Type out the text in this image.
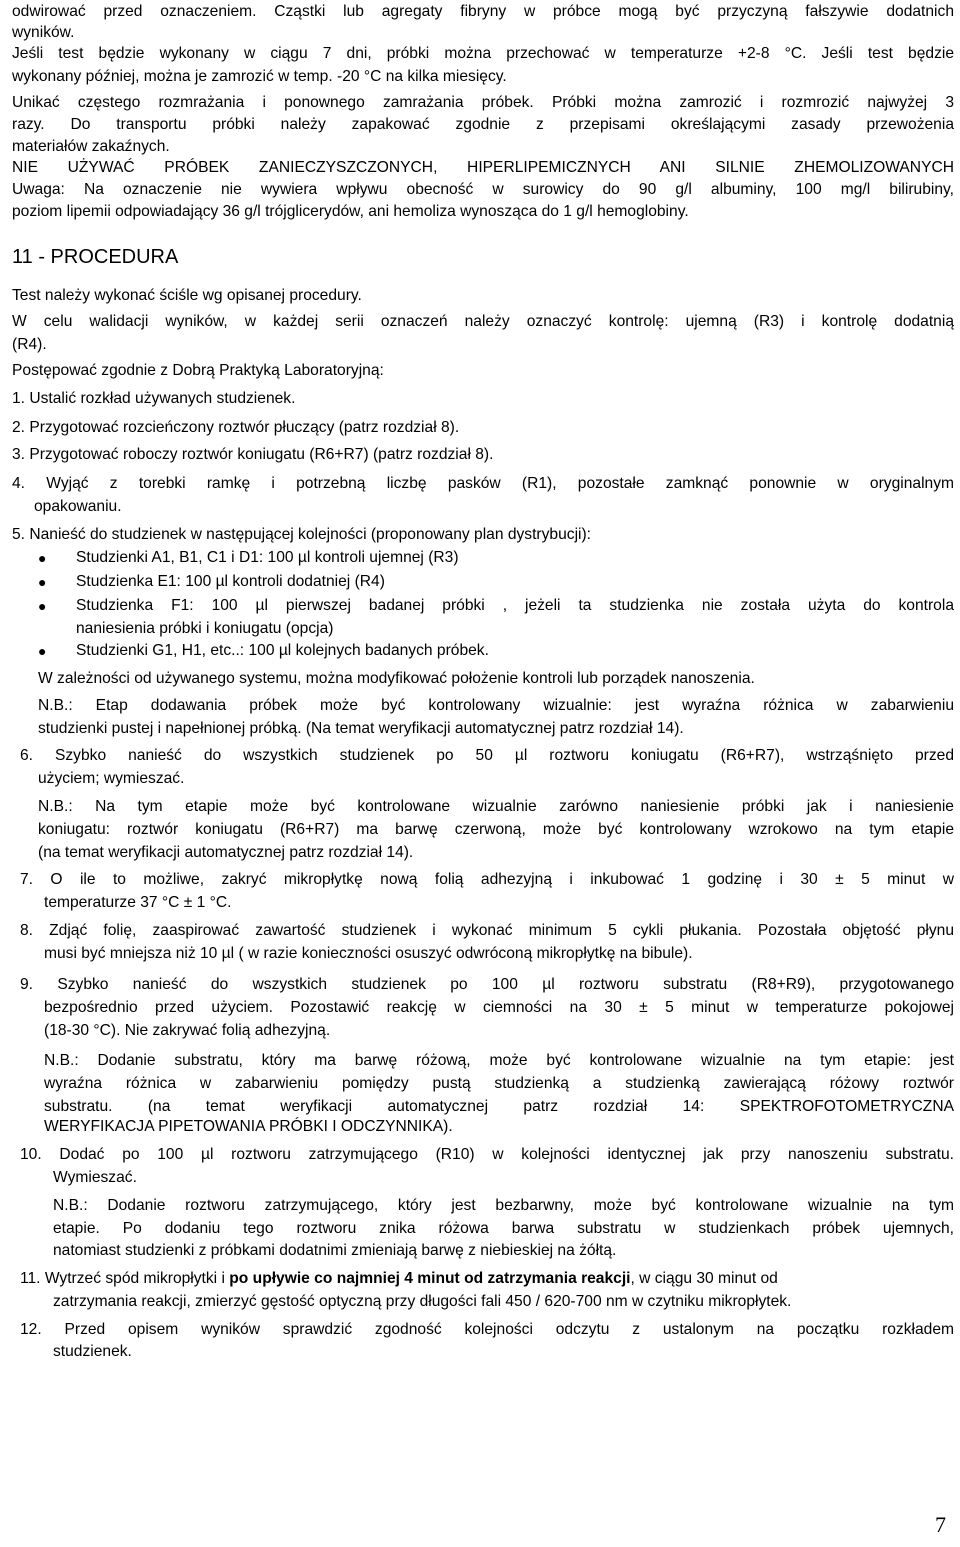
odwirować przed oznaczeniem. Cząstki lub agregaty fibryny w próbce mogą być przyczyną fałszywie dodatnich

wyników.

Jeśli test będzie wykonany w ciągu 7 dni, próbki można przechować w temperaturze +2-8 °C. Jeśli test będzie

wykonany później, można je zamrozić w temp. -20 °C na kilka miesięcy.

Unikać częstego rozmrażania i ponownego zamrażania próbek. Próbki można zamrozić i rozmrozić najwyżej 3

razy. Do transportu próbki należy zapakować zgodnie z przepisami określającymi zasady przewożenia

materiałów zakaźnych.

NIE UŻYWAĆ PRÓBEK ZANIECZYSZCZONYCH, HIPERLIPEMICZNYCH ANI SILNIE ZHEMOLIZOWANYCH

Uwaga: Na oznaczenie nie wywiera wpływu obecność w surowicy do 90 g/l albuminy, 100 mg/l bilirubiny,

poziom lipemii odpowiadający 36 g/l trójglicerydów, ani hemoliza wynosząca do 1 g/l hemoglobiny.

11 - PROCEDURA

Test należy wykonać ściśle wg opisanej procedury.

W celu walidacji wyników, w każdej serii oznaczeń należy oznaczyć kontrolę: ujemną (R3) i kontrolę dodatnią

(R4).

Postępować zgodnie z Dobrą Praktyką Laboratoryjną:

1. Ustalić rozkład używanych studzienek.

2. Przygotować rozcieńczony roztwór płuczący (patrz rozdział 8).

3. Przygotować roboczy roztwór koniugatu (R6+R7) (patrz rozdział 8).

4. Wyjąć z torebki ramkę i potrzebną liczbę pasków (R1), pozostałe zamknąć ponownie w oryginalnym

opakowaniu.

5. Nanieść do studzienek w następującej kolejności (proponowany plan dystrybucji):

● Studzienki A1, B1, C1 i D1: 100 µl kontroli ujemnej (R3)

● Studzienka E1: 100 µl kontroli dodatniej (R4)

● Studzienka F1: 100 µl pierwszej badanej próbki , jeżeli ta studzienka nie została użyta do kontrola

naniesienia próbki i koniugatu (opcja)

● Studzienki G1, H1, etc..: 100 µl kolejnych badanych próbek.

W zależności od używanego systemu, można modyfikować położenie kontroli lub porządek nanoszenia.

N.B.: Etap dodawania próbek może być kontrolowany wizualnie: jest wyraźna różnica w zabarwieniu

studzienki pustej i napełnionej próbką. (Na temat weryfikacji automatycznej patrz rozdział 14).

6. Szybko nanieść do wszystkich studzienek po 50 µl roztworu koniugatu (R6+R7), wstrząśnięto przed

użyciem; wymieszać.

N.B.: Na tym etapie może być kontrolowane wizualnie zarówno naniesienie próbki jak i naniesienie

koniugatu: roztwór koniugatu (R6+R7) ma barwę czerwoną, może być kontrolowany wzrokowo na tym etapie

(na temat weryfikacji automatycznej patrz rozdział 14).

7. O ile to możliwe, zakryć mikropłytkę nową folią adhezyjną i inkubować 1 godzinę i 30 ± 5 minut w

temperaturze 37 °C ± 1 °C.

8. Zdjąć folię, zaaspirować zawartość studzienek i wykonać minimum 5 cykli płukania. Pozostała objętość płynu

musi być mniejsza niż 10 µl ( w razie konieczności osuszyć odwróconą mikropłytkę na bibule).

9. Szybko nanieść do wszystkich studzienek po 100 µl roztworu substratu (R8+R9), przygotowanego

bezpośrednio przed użyciem. Pozostawić reakcję w ciemności na 30 ± 5 minut w temperaturze pokojowej

(18-30 °C). Nie zakrywać folią adhezyjną.

N.B.: Dodanie substratu, który ma barwę różową, może być kontrolowane wizualnie na tym etapie: jest

wyraźna różnica w zabarwieniu pomiędzy pustą studzienką a studzienką zawierającą różowy roztwór

substratu. (na temat weryfikacji automatycznej patrz rozdział 14: SPEKTROFOTOMETRYCZNA

WERYFIKACJA PIPETOWANIA PRÓBKI I ODCZYNNIKA).

10. Dodać po 100 µl roztworu zatrzymującego (R10) w kolejności identycznej jak przy nanoszeniu substratu.

Wymieszać.

N.B.: Dodanie roztworu zatrzymującego, który jest bezbarwny, może być kontrolowane wizualnie na tym

etapie. Po dodaniu tego roztworu znika różowa barwa substratu w studzienkach próbek ujemnych,

natomiast studzienki z próbkami dodatnimi zmieniają barwę z niebieskiej na żółtą.

11. Wytrzeć spód mikropłytki i po upływie co najmniej 4 minut od zatrzymania reakcji, w ciągu 30 minut od

zatrzymania reakcji, zmierzyć gęstość optyczną przy długości fali 450 / 620-700 nm w czytniku mikropłytek.

12. Przed opisem wyników sprawdzić zgodność kolejności odczytu z ustalonym na początku rozkładem

studzienek.

7
